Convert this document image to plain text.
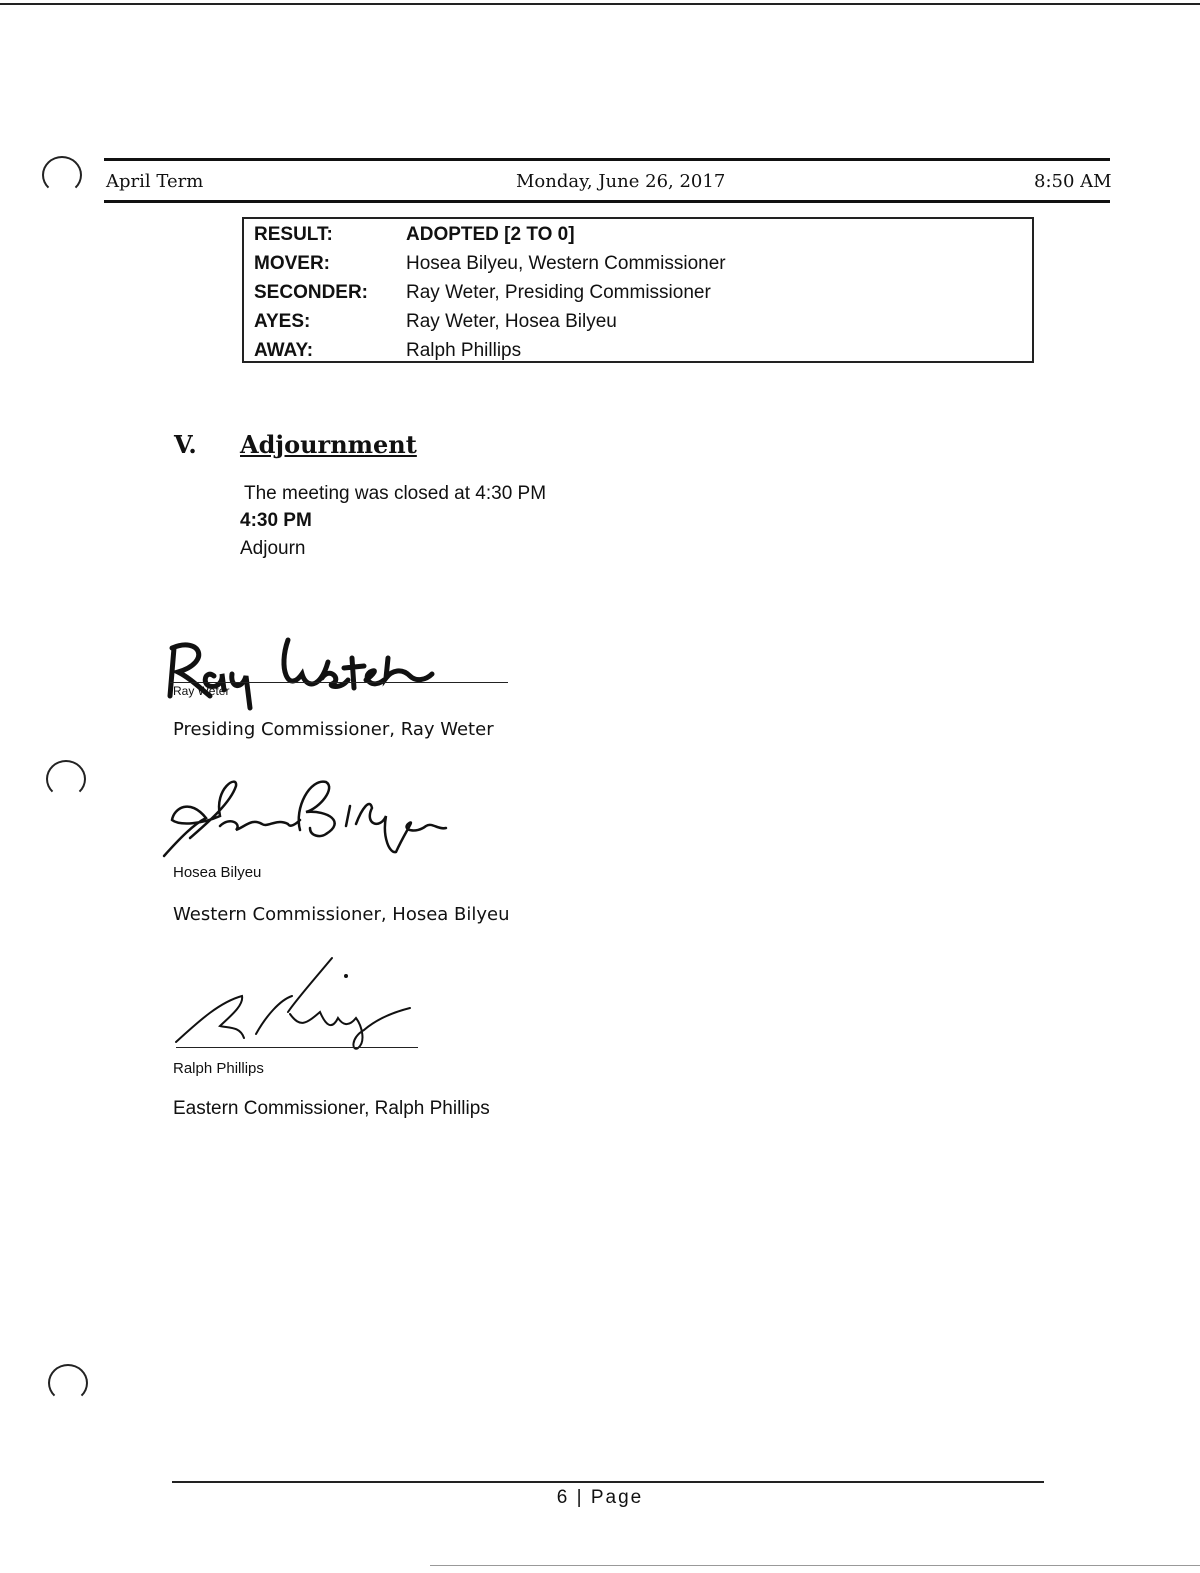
April Term	Monday, June 26, 2017	8:50 AM
RESULT:	ADOPTED [2 TO 0]
MOVER:	Hosea Bilyeu, Western Commissioner
SECONDER: Ray Weter, Presiding Commissioner
AYES:	Ray Weter, Hosea Bilyeu
AWAY:	Ralph Phillips
V. Adjournment
The meeting was closed at 4:30 PM
4:30 PM
Adjourn
Ray Weter
Presiding Commissioner, Ray Weter
Hosea Bilyeu
Western Commissioner, Hosea Bilyeu
Ralph Phillips
Eastern Commissioner, Ralph Phillips
6 | Page
